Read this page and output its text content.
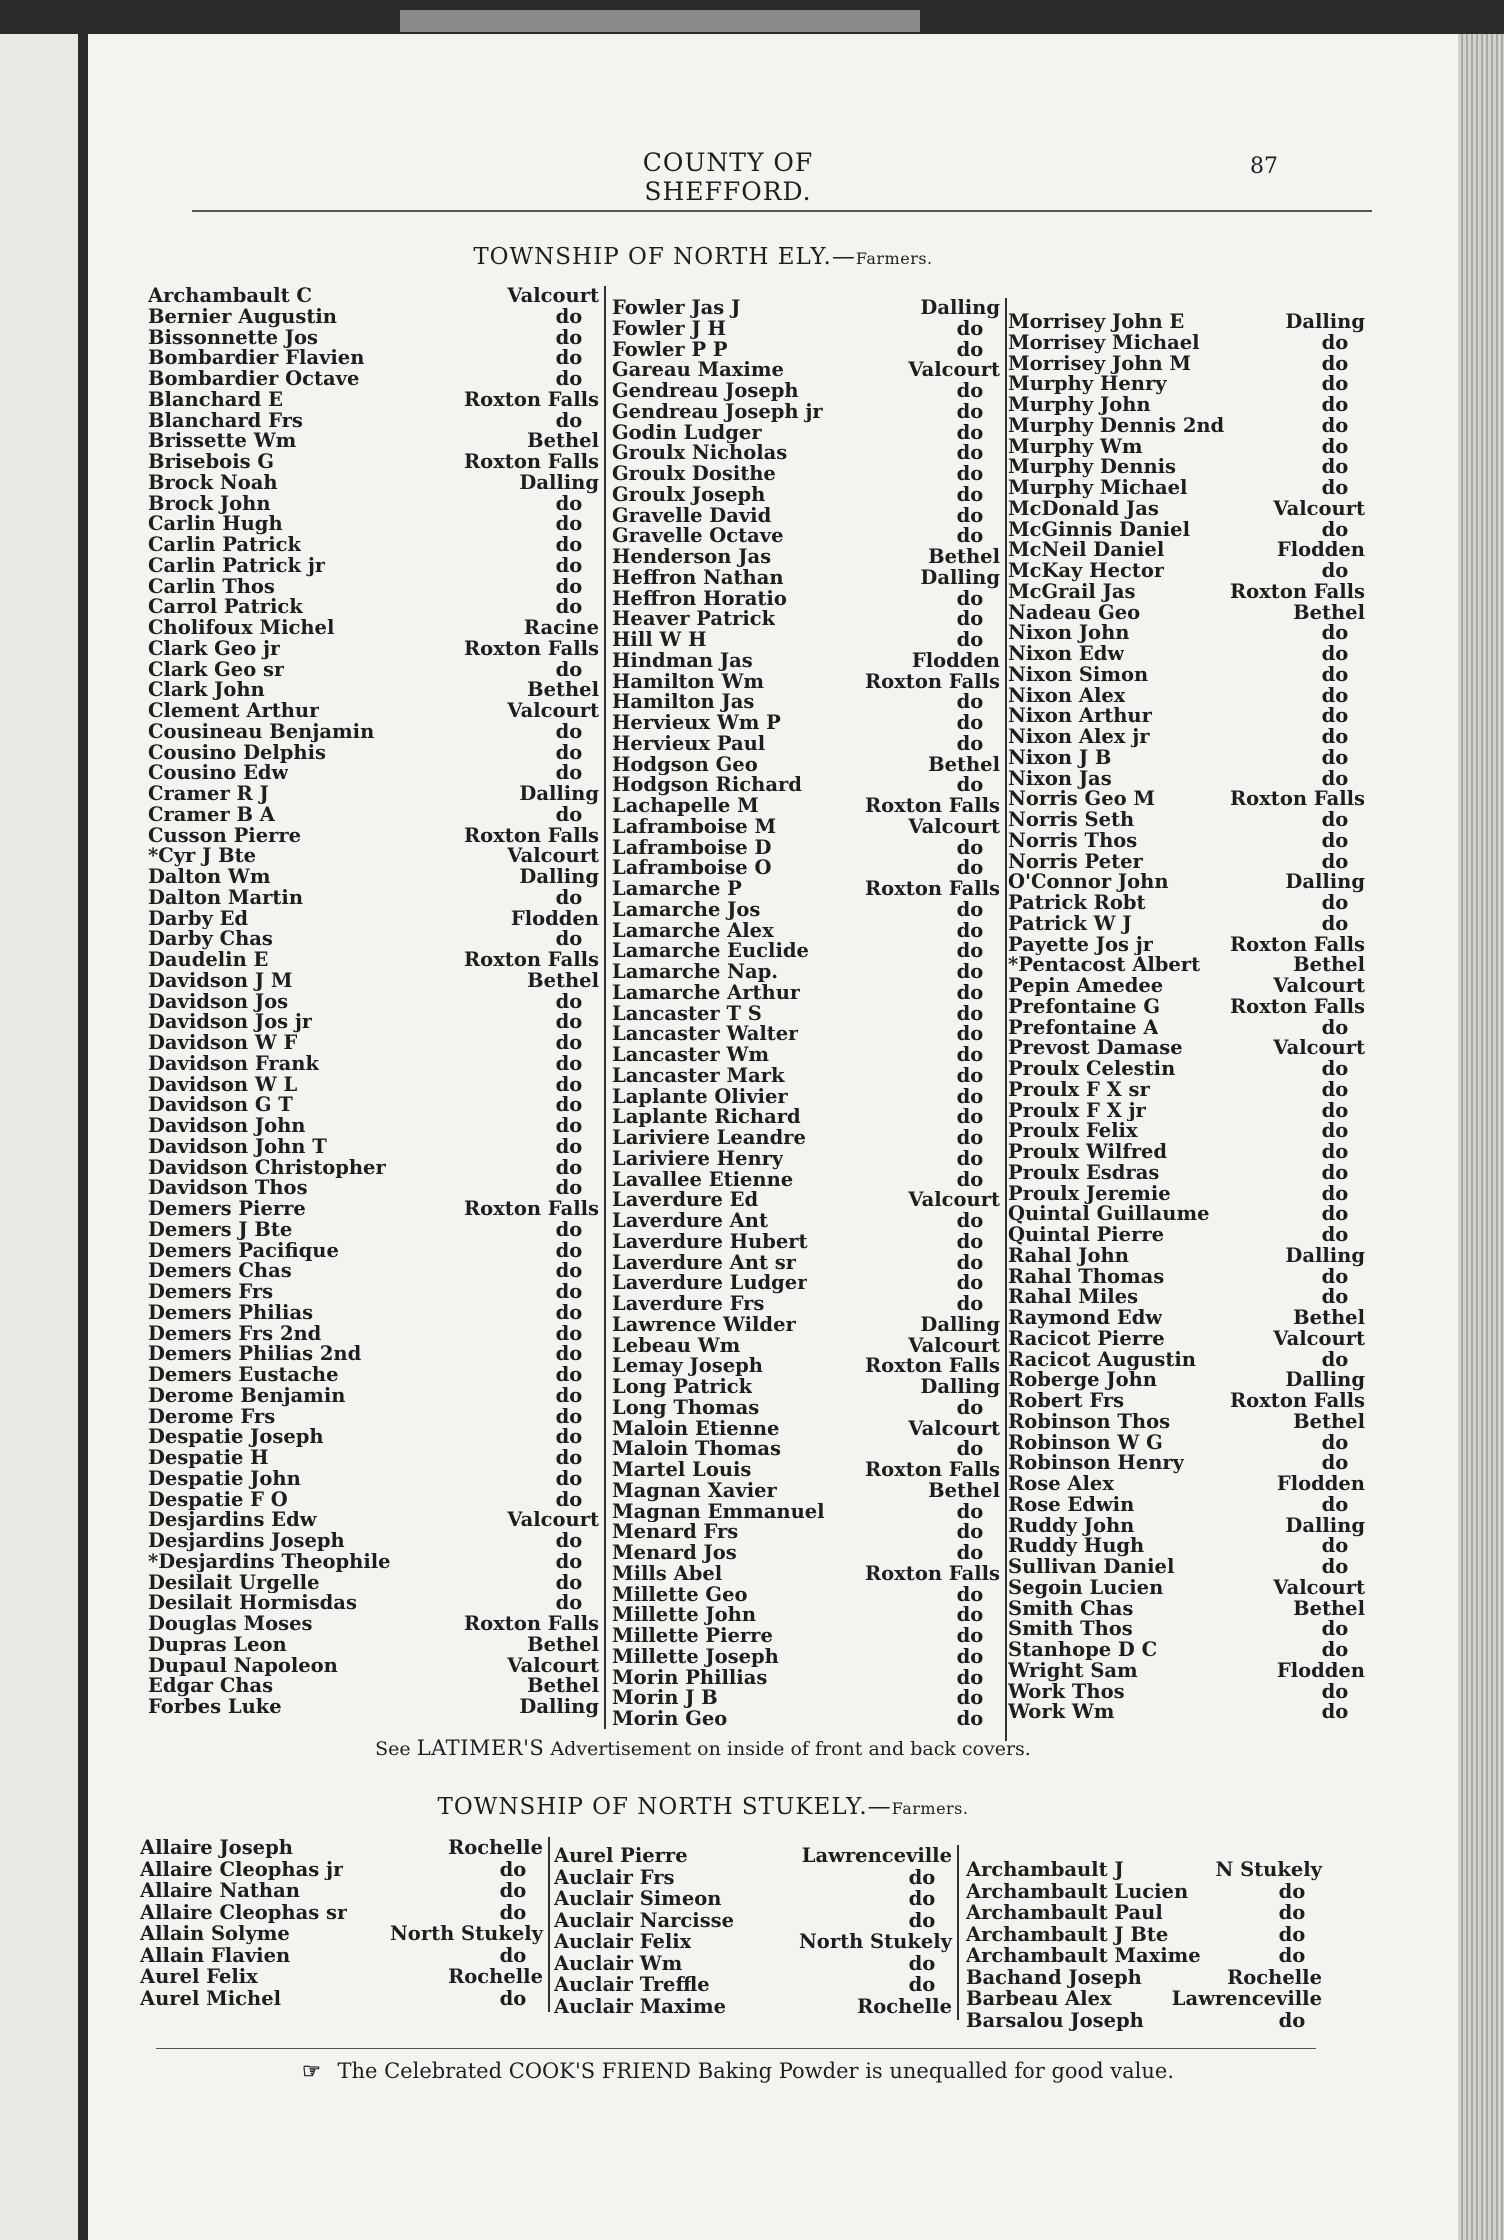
COUNTY OF SHEFFORD.
87
TOWNSHIP OF NORTH ELY.—Farmers.
Archambault C	Valcourt
Bernier Augustin	do
Bissonnette Jos	do
Bombardier Flavien	do
Bombardier Octave	do
Blanchard E	Roxton Falls
Blanchard Frs	do
Brissette Wm	Bethel
Brisebois G	Roxton Falls
Brock Noah	Dalling
Brock John	do
Carlin Hugh	do
Carlin Patrick	do
Carlin Patrick jr	do
Carlin Thos	do
Carrol Patrick	do
Cholifoux Michel	Racine
Clark Geo jr	Roxton Falls
Clark Geo sr	do
Clark John	Bethel
Clement Arthur	Valcourt
Cousineau Benjamin	do
Cousino Delphis	do
Cousino Edw	do
Cramer R J	Dalling
Cramer B A	do
Cusson Pierre	Roxton Falls
*Cyr J Bte	Valcourt
Dalton Wm	Dalling
Dalton Martin	do
Darby Ed	Flodden
Darby Chas	do
Daudelin E	Roxton Falls
Davidson J M	Bethel
Davidson Jos	do
Davidson Jos jr	do
Davidson W F	do
Davidson Frank	do
Davidson W L	do
Davidson G T	do
Davidson John	do
Davidson John T	do
Davidson Christopher	do
Davidson Thos	do
Demers Pierre	Roxton Falls
Demers J Bte	do
Demers Pacifique	do
Demers Chas	do
Demers Frs	do
Demers Philias	do
Demers Frs 2nd	do
Demers Philias 2nd	do
Demers Eustache	do
Derome Benjamin	do
Derome Frs	do
Despatie Joseph	do
Despatie H	do
Despatie John	do
Despatie F O	do
Desjardins Edw	Valcourt
Desjardins Joseph	do
*Desjardins Theophile	do
Desilait Urgelle	do
Desilait Hormisdas	do
Douglas Moses	Roxton Falls
Dupras Leon	Bethel
Dupaul Napoleon	Valcourt
Edgar Chas	Bethel
Forbes Luke	Dalling
Fowler Jas J	Dalling
Fowler J H	do
Fowler P P	do
Gareau Maxime	Valcourt
Gendreau Joseph	do
Gendreau Joseph jr	do
Godin Ludger	do
Groulx Nicholas	do
Groulx Dosithe	do
Groulx Joseph	do
Gravelle David	do
Gravelle Octave	do
Henderson Jas	Bethel
Heffron Nathan	Dalling
Heffron Horatio	do
Heaver Patrick	do
Hill W H	do
Hindman Jas	Flodden
Hamilton Wm	Roxton Falls
Hamilton Jas	do
Hervieux Wm P	do
Hervieux Paul	do
Hodgson Geo	Bethel
Hodgson Richard	do
Lachapelle M	Roxton Falls
Laframboise M	Valcourt
Laframboise D	do
Laframboise O	do
Lamarche P	Roxton Falls
Lamarche Jos	do
Lamarche Alex	do
Lamarche Euclide	do
Lamarche Nap.	do
Lamarche Arthur	do
Lancaster T S	do
Lancaster Walter	do
Lancaster Wm	do
Lancaster Mark	do
Laplante Olivier	do
Laplante Richard	do
Lariviere Leandre	do
Lariviere Henry	do
Lavallee Etienne	do
Laverdure Ed	Valcourt
Laverdure Ant	do
Laverdure Hubert	do
Laverdure Ant sr	do
Laverdure Ludger	do
Laverdure Frs	do
Lawrence Wilder	Dalling
Lebeau Wm	Valcourt
Lemay Joseph	Roxton Falls
Long Patrick	Dalling
Long Thomas	do
Maloin Etienne	Valcourt
Maloin Thomas	do
Martel Louis	Roxton Falls
Magnan Xavier	Bethel
Magnan Emmanuel	do
Menard Frs	do
Menard Jos	do
Mills Abel	Roxton Falls
Millette Geo	do
Millette John	do
Millette Pierre	do
Millette Joseph	do
Morin Phillias	do
Morin J B	do
Morin Geo	do
Morrisey John E	Dalling
Morrisey Michael	do
Morrisey John M	do
Murphy Henry	do
Murphy John	do
Murphy Dennis 2nd	do
Murphy Wm	do
Murphy Dennis	do
Murphy Michael	do
McDonald Jas	Valcourt
McGinnis Daniel	do
McNeil Daniel	Flodden
McKay Hector	do
McGrail Jas	Roxton Falls
Nadeau Geo	Bethel
Nixon John	do
Nixon Edw	do
Nixon Simon	do
Nixon Alex	do
Nixon Arthur	do
Nixon Alex jr	do
Nixon J B	do
Nixon Jas	do
Norris Geo M	Roxton Falls
Norris Seth	do
Norris Thos	do
Norris Peter	do
O'Connor John	Dalling
Patrick Robt	do
Patrick W J	do
Payette Jos jr	Roxton Falls
*Pentacost Albert	Bethel
Pepin Amedee	Valcourt
Prefontaine G	Roxton Falls
Prefontaine A	do
Prevost Damase	Valcourt
Proulx Celestin	do
Proulx F X sr	do
Proulx F X jr	do
Proulx Felix	do
Proulx Wilfred	do
Proulx Esdras	do
Proulx Jeremie	do
Quintal Guillaume	do
Quintal Pierre	do
Rahal John	Dalling
Rahal Thomas	do
Rahal Miles	do
Raymond Edw	Bethel
Racicot Pierre	Valcourt
Racicot Augustin	do
Roberge John	Dalling
Robert Frs	Roxton Falls
Robinson Thos	Bethel
Robinson W G	do
Robinson Henry	do
Rose Alex	Flodden
Rose Edwin	do
Ruddy John	Dalling
Ruddy Hugh	do
Sullivan Daniel	do
Segoin Lucien	Valcourt
Smith Chas	Bethel
Smith Thos	do
Stanhope D C	do
Wright Sam	Flodden
Work Thos	do
Work Wm	do
See LATIMER'S Advertisement on inside of front and back covers.
TOWNSHIP OF NORTH STUKELY.—Farmers.
Allaire Joseph	Rochelle
Allaire Cleophas jr	do
Allaire Nathan	do
Allaire Cleophas sr	do
Allain Solyme	North Stukely
Allain Flavien	do
Aurel Felix	Rochelle
Aurel Michel	do
Aurel Pierre	Lawrenceville
Auclair Frs	do
Auclair Simeon	do
Auclair Narcisse	do
Auclair Felix	North Stukely
Auclair Wm	do
Auclair Treffle	do
Auclair Maxime	Rochelle
Archambault J	N Stukely
Archambault Lucien	do
Archambault Paul	do
Archambault J Bte	do
Archambault Maxime	do
Bachand Joseph	Rochelle
Barbeau Alex	Lawrenceville
Barsalou Joseph	do
☞ The Celebrated COOK'S FRIEND Baking Powder is unequalled for good value.
